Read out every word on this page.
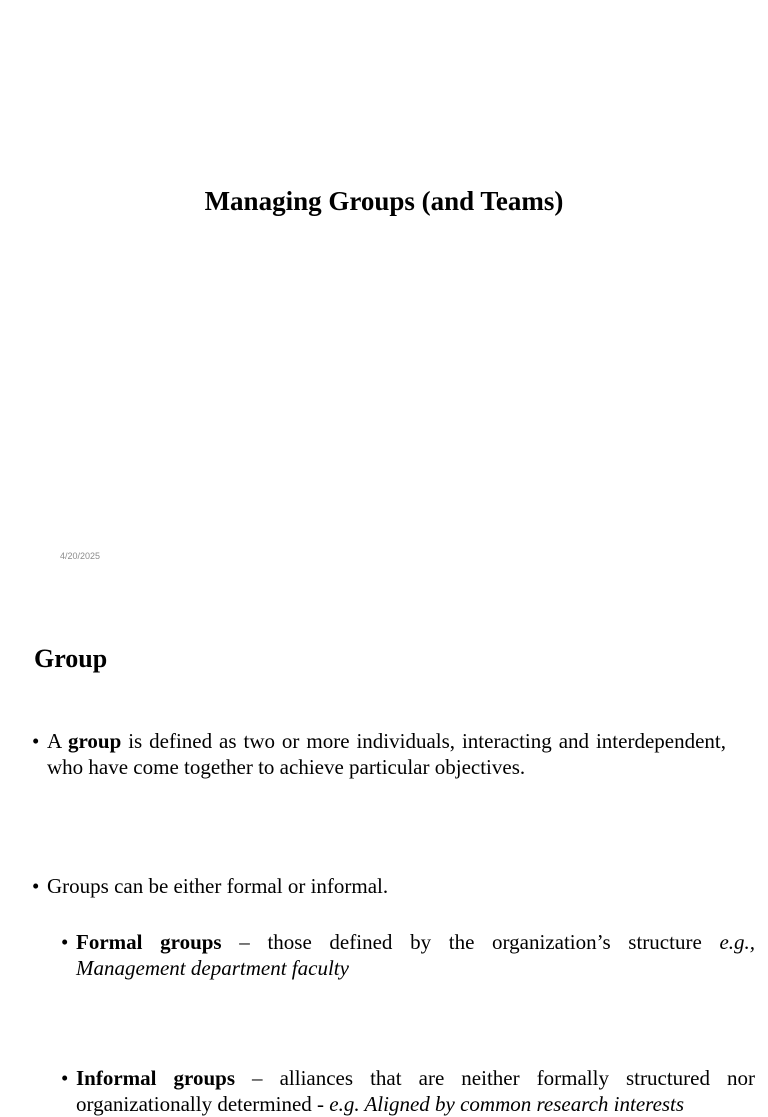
Managing Groups (and Teams)

4/20/2025

Group
• A group is defined as two or more individuals, interacting and interdependent, who have come together to achieve particular objectives.
• Groups can be either formal or informal.
• Formal groups – those defined by the organization’s structure e.g., Management department faculty
• Informal groups – alliances that are neither formally structured nor organizationally determined - e.g. Aligned by common research interests
